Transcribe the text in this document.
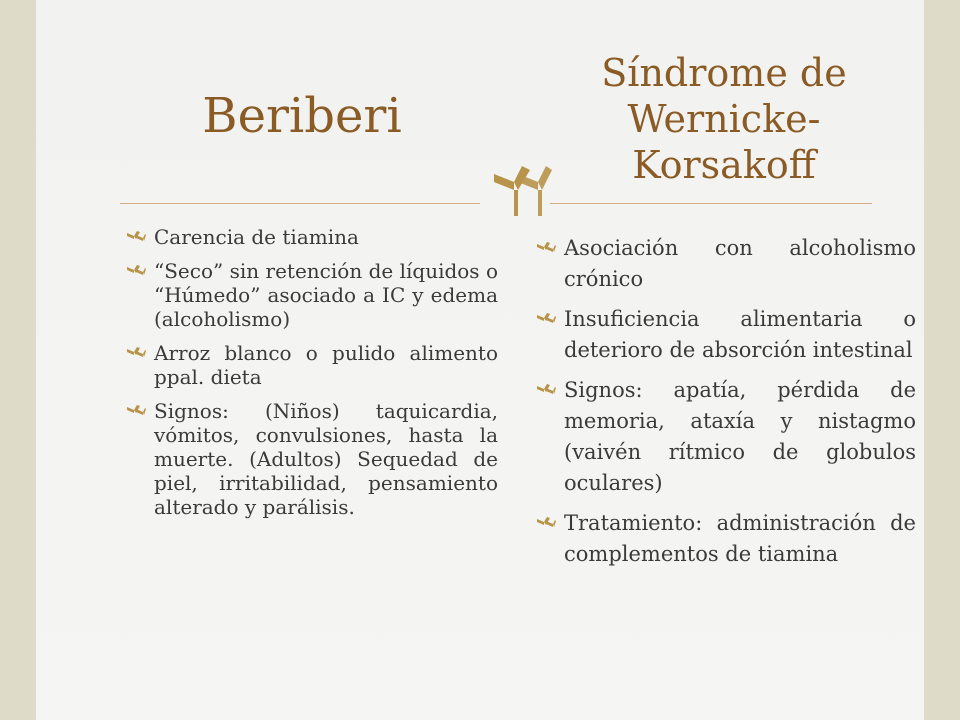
Beriberi
Síndrome de Wernicke-Korsakoff
Carencia de tiamina
“Seco” sin retención de líquidos o “Húmedo” asociado a IC y edema (alcoholismo)
Arroz blanco o pulido alimento ppal. dieta
Signos: (Niños) taquicardia, vómitos, convulsiones, hasta la muerte. (Adultos) Sequedad de piel, irritabilidad, pensamiento alterado y parálisis.
Asociación con alcoholismo crónico
Insuficiencia alimentaria o deterioro de absorción intestinal
Signos: apatía, pérdida de memoria, ataxía y nistagmo (vaivén rítmico de globulos oculares)
Tratamiento: administración de complementos de tiamina
